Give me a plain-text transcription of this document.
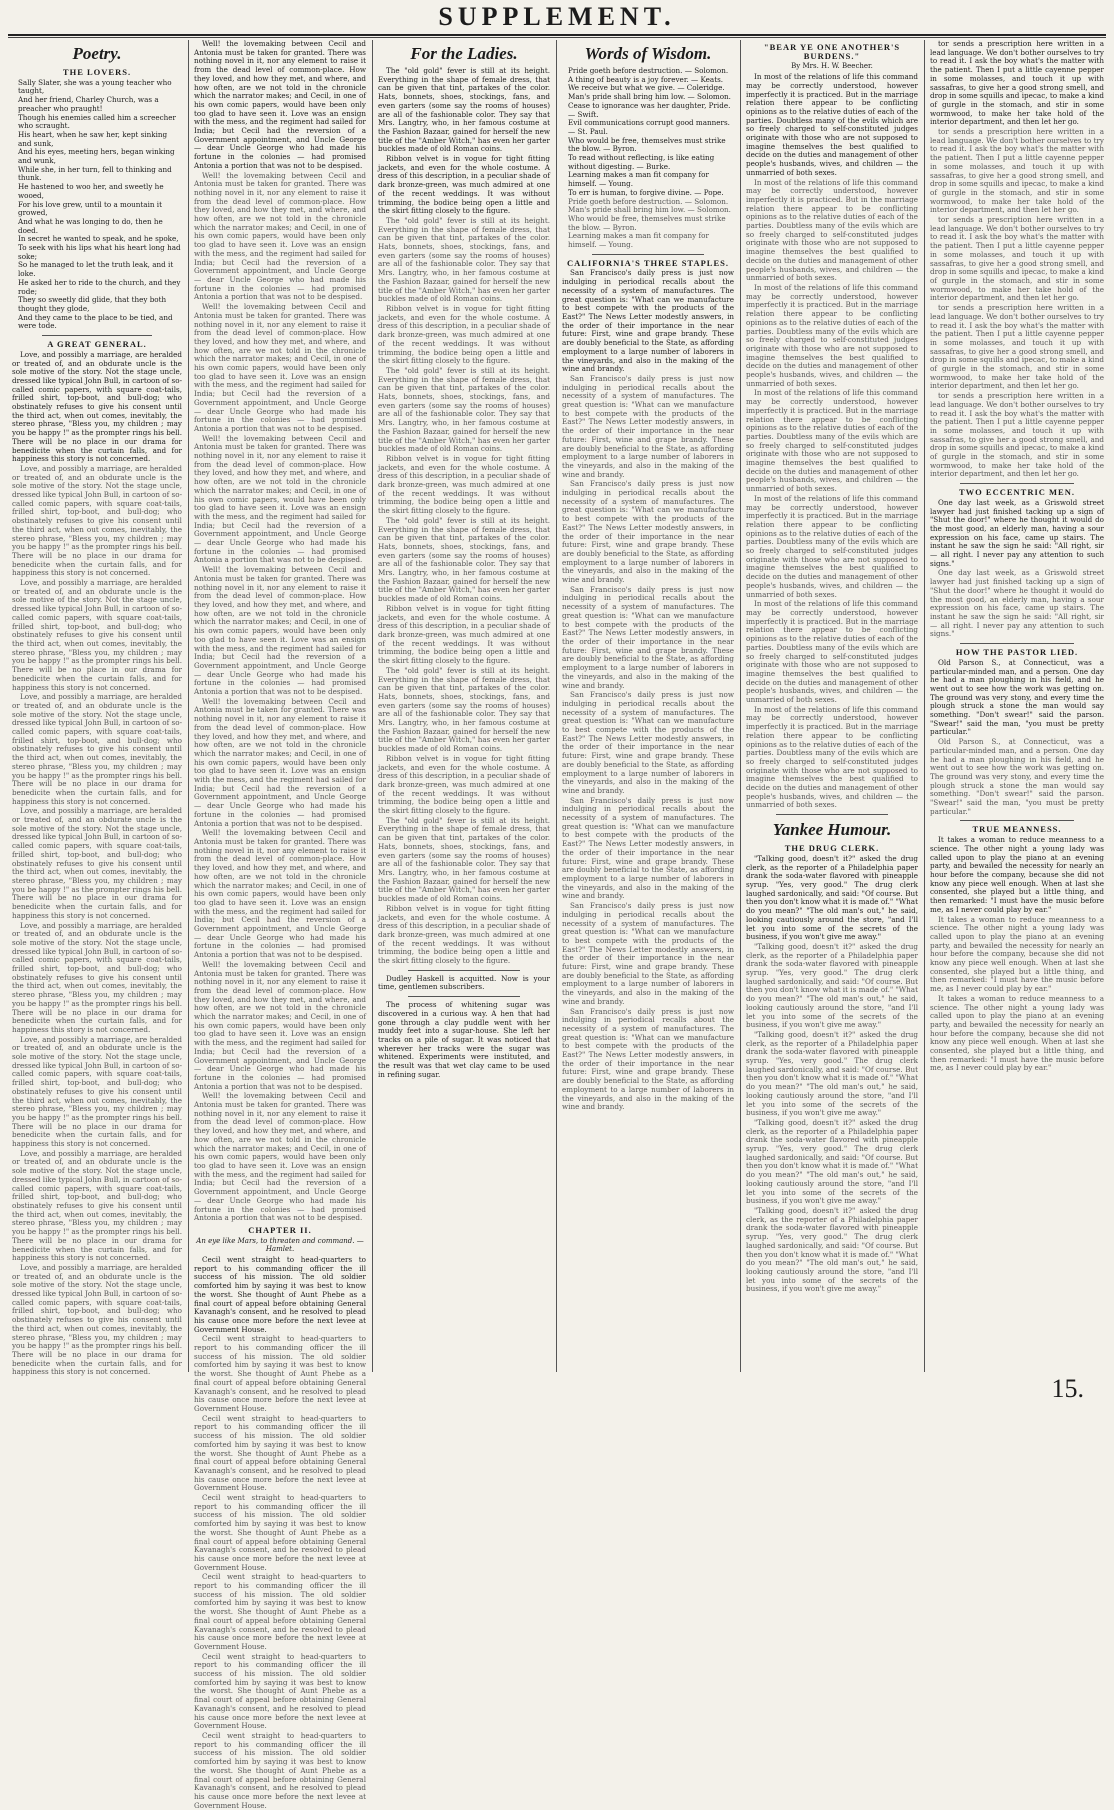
SUPPLEMENT.
Poetry.
THE LOVERS.

Sally Slater, she was a young teacher who taught,

And her friend, Charley Church, was a preacher who praught!

Though his enemies called him a screecher who scraught.

His heart, when he saw her, kept sinking and sunk,

And his eyes, meeting hers, began winking and wunk,

While she, in her turn, fell to thinking and thunk.

He hastened to woo her, and sweetly he wooed,

For his love grew, until to a mountain it growed,

And what he was longing to do, then he doed.

In secret he wanted to speak, and he spoke,

To seek with his lips what his heart long had soke;

So he managed to let the truth leak, and it loke.

He asked her to ride to the church, and they rode;

They so sweetly did glide, that they both thought they glode,

And they came to the place to be tied, and were tode.

A GREAT GENERAL.

Love, and possibly a marriage, are heralded or treated of, and an obdurate uncle is the sole motive of the story. Not the stage uncle, dressed like typical John Bull, in cartoon of so-called comic papers, with square coat-tails, frilled shirt, top-boot, and bull-dog; who obstinately refuses to give his consent until the third act, when out comes, inevitably, the stereo phrase, "Bless you, my children ; may you be happy !" as the prompter rings his bell. There will be no place in our drama for benedicite when the curtain falls, and for happiness this story is not concerned.

Love, and possibly a marriage, are heralded or treated of, and an obdurate uncle is the sole motive of the story. Not the stage uncle, dressed like typical John Bull, in cartoon of so-called comic papers, with square coat-tails, frilled shirt, top-boot, and bull-dog; who obstinately refuses to give his consent until the third act, when out comes, inevitably, the stereo phrase, "Bless you, my children ; may you be happy !" as the prompter rings his bell. There will be no place in our drama for benedicite when the curtain falls, and for happiness this story is not concerned.

Love, and possibly a marriage, are heralded or treated of, and an obdurate uncle is the sole motive of the story. Not the stage uncle, dressed like typical John Bull, in cartoon of so-called comic papers, with square coat-tails, frilled shirt, top-boot, and bull-dog; who obstinately refuses to give his consent until the third act, when out comes, inevitably, the stereo phrase, "Bless you, my children ; may you be happy !" as the prompter rings his bell. There will be no place in our drama for benedicite when the curtain falls, and for happiness this story is not concerned.

Love, and possibly a marriage, are heralded or treated of, and an obdurate uncle is the sole motive of the story. Not the stage uncle, dressed like typical John Bull, in cartoon of so-called comic papers, with square coat-tails, frilled shirt, top-boot, and bull-dog; who obstinately refuses to give his consent until the third act, when out comes, inevitably, the stereo phrase, "Bless you, my children ; may you be happy !" as the prompter rings his bell. There will be no place in our drama for benedicite when the curtain falls, and for happiness this story is not concerned.

Love, and possibly a marriage, are heralded or treated of, and an obdurate uncle is the sole motive of the story. Not the stage uncle, dressed like typical John Bull, in cartoon of so-called comic papers, with square coat-tails, frilled shirt, top-boot, and bull-dog; who obstinately refuses to give his consent until the third act, when out comes, inevitably, the stereo phrase, "Bless you, my children ; may you be happy !" as the prompter rings his bell. There will be no place in our drama for benedicite when the curtain falls, and for happiness this story is not concerned.

Love, and possibly a marriage, are heralded or treated of, and an obdurate uncle is the sole motive of the story. Not the stage uncle, dressed like typical John Bull, in cartoon of so-called comic papers, with square coat-tails, frilled shirt, top-boot, and bull-dog; who obstinately refuses to give his consent until the third act, when out comes, inevitably, the stereo phrase, "Bless you, my children ; may you be happy !" as the prompter rings his bell. There will be no place in our drama for benedicite when the curtain falls, and for happiness this story is not concerned.

Love, and possibly a marriage, are heralded or treated of, and an obdurate uncle is the sole motive of the story. Not the stage uncle, dressed like typical John Bull, in cartoon of so-called comic papers, with square coat-tails, frilled shirt, top-boot, and bull-dog; who obstinately refuses to give his consent until the third act, when out comes, inevitably, the stereo phrase, "Bless you, my children ; may you be happy !" as the prompter rings his bell. There will be no place in our drama for benedicite when the curtain falls, and for happiness this story is not concerned.

Love, and possibly a marriage, are heralded or treated of, and an obdurate uncle is the sole motive of the story. Not the stage uncle, dressed like typical John Bull, in cartoon of so-called comic papers, with square coat-tails, frilled shirt, top-boot, and bull-dog; who obstinately refuses to give his consent until the third act, when out comes, inevitably, the stereo phrase, "Bless you, my children ; may you be happy !" as the prompter rings his bell. There will be no place in our drama for benedicite when the curtain falls, and for happiness this story is not concerned.

Love, and possibly a marriage, are heralded or treated of, and an obdurate uncle is the sole motive of the story. Not the stage uncle, dressed like typical John Bull, in cartoon of so-called comic papers, with square coat-tails, frilled shirt, top-boot, and bull-dog; who obstinately refuses to give his consent until the third act, when out comes, inevitably, the stereo phrase, "Bless you, my children ; may you be happy !" as the prompter rings his bell. There will be no place in our drama for benedicite when the curtain falls, and for happiness this story is not concerned.

Well! the lovemaking between Cecil and Antonia must be taken for granted. There was nothing novel in it, nor any element to raise it from the dead level of common-place. How they loved, and how they met, and where, and how often, are we not told in the chronicle which the narrator makes; and Cecil, in one of his own comic papers, would have been only too glad to have seen it. Love was an ensign with the mess, and the regiment had sailed for India; but Cecil had the reversion of a Government appointment, and Uncle George — dear Uncle George who had made his fortune in the colonies — had promised Antonia a portion that was not to be despised.

Well! the lovemaking between Cecil and Antonia must be taken for granted. There was nothing novel in it, nor any element to raise it from the dead level of common-place. How they loved, and how they met, and where, and how often, are we not told in the chronicle which the narrator makes; and Cecil, in one of his own comic papers, would have been only too glad to have seen it. Love was an ensign with the mess, and the regiment had sailed for India; but Cecil had the reversion of a Government appointment, and Uncle George — dear Uncle George who had made his fortune in the colonies — had promised Antonia a portion that was not to be despised.

Well! the lovemaking between Cecil and Antonia must be taken for granted. There was nothing novel in it, nor any element to raise it from the dead level of common-place. How they loved, and how they met, and where, and how often, are we not told in the chronicle which the narrator makes; and Cecil, in one of his own comic papers, would have been only too glad to have seen it. Love was an ensign with the mess, and the regiment had sailed for India; but Cecil had the reversion of a Government appointment, and Uncle George — dear Uncle George who had made his fortune in the colonies — had promised Antonia a portion that was not to be despised.

Well! the lovemaking between Cecil and Antonia must be taken for granted. There was nothing novel in it, nor any element to raise it from the dead level of common-place. How they loved, and how they met, and where, and how often, are we not told in the chronicle which the narrator makes; and Cecil, in one of his own comic papers, would have been only too glad to have seen it. Love was an ensign with the mess, and the regiment had sailed for India; but Cecil had the reversion of a Government appointment, and Uncle George — dear Uncle George who had made his fortune in the colonies — had promised Antonia a portion that was not to be despised.

Well! the lovemaking between Cecil and Antonia must be taken for granted. There was nothing novel in it, nor any element to raise it from the dead level of common-place. How they loved, and how they met, and where, and how often, are we not told in the chronicle which the narrator makes; and Cecil, in one of his own comic papers, would have been only too glad to have seen it. Love was an ensign with the mess, and the regiment had sailed for India; but Cecil had the reversion of a Government appointment, and Uncle George — dear Uncle George who had made his fortune in the colonies — had promised Antonia a portion that was not to be despised.

Well! the lovemaking between Cecil and Antonia must be taken for granted. There was nothing novel in it, nor any element to raise it from the dead level of common-place. How they loved, and how they met, and where, and how often, are we not told in the chronicle which the narrator makes; and Cecil, in one of his own comic papers, would have been only too glad to have seen it. Love was an ensign with the mess, and the regiment had sailed for India; but Cecil had the reversion of a Government appointment, and Uncle George — dear Uncle George who had made his fortune in the colonies — had promised Antonia a portion that was not to be despised.

Well! the lovemaking between Cecil and Antonia must be taken for granted. There was nothing novel in it, nor any element to raise it from the dead level of common-place. How they loved, and how they met, and where, and how often, are we not told in the chronicle which the narrator makes; and Cecil, in one of his own comic papers, would have been only too glad to have seen it. Love was an ensign with the mess, and the regiment had sailed for India; but Cecil had the reversion of a Government appointment, and Uncle George — dear Uncle George who had made his fortune in the colonies — had promised Antonia a portion that was not to be despised.

Well! the lovemaking between Cecil and Antonia must be taken for granted. There was nothing novel in it, nor any element to raise it from the dead level of common-place. How they loved, and how they met, and where, and how often, are we not told in the chronicle which the narrator makes; and Cecil, in one of his own comic papers, would have been only too glad to have seen it. Love was an ensign with the mess, and the regiment had sailed for India; but Cecil had the reversion of a Government appointment, and Uncle George — dear Uncle George who had made his fortune in the colonies — had promised Antonia a portion that was not to be despised.

Well! the lovemaking between Cecil and Antonia must be taken for granted. There was nothing novel in it, nor any element to raise it from the dead level of common-place. How they loved, and how they met, and where, and how often, are we not told in the chronicle which the narrator makes; and Cecil, in one of his own comic papers, would have been only too glad to have seen it. Love was an ensign with the mess, and the regiment had sailed for India; but Cecil had the reversion of a Government appointment, and Uncle George — dear Uncle George who had made his fortune in the colonies — had promised Antonia a portion that was not to be despised.

CHAPTER II.
An eye like Mars, to threaten and command. — Hamlet.

Cecil went straight to head-quarters to report to his commanding officer the ill success of his mission. The old soldier comforted him by saying it was best to know the worst. She thought of Aunt Phebe as a final court of appeal before obtaining General Kavanagh's consent, and he resolved to plead his cause once more before the next levee at Government House.

Cecil went straight to head-quarters to report to his commanding officer the ill success of his mission. The old soldier comforted him by saying it was best to know the worst. She thought of Aunt Phebe as a final court of appeal before obtaining General Kavanagh's consent, and he resolved to plead his cause once more before the next levee at Government House.

Cecil went straight to head-quarters to report to his commanding officer the ill success of his mission. The old soldier comforted him by saying it was best to know the worst. She thought of Aunt Phebe as a final court of appeal before obtaining General Kavanagh's consent, and he resolved to plead his cause once more before the next levee at Government House.

Cecil went straight to head-quarters to report to his commanding officer the ill success of his mission. The old soldier comforted him by saying it was best to know the worst. She thought of Aunt Phebe as a final court of appeal before obtaining General Kavanagh's consent, and he resolved to plead his cause once more before the next levee at Government House.

Cecil went straight to head-quarters to report to his commanding officer the ill success of his mission. The old soldier comforted him by saying it was best to know the worst. She thought of Aunt Phebe as a final court of appeal before obtaining General Kavanagh's consent, and he resolved to plead his cause once more before the next levee at Government House.

Cecil went straight to head-quarters to report to his commanding officer the ill success of his mission. The old soldier comforted him by saying it was best to know the worst. She thought of Aunt Phebe as a final court of appeal before obtaining General Kavanagh's consent, and he resolved to plead his cause once more before the next levee at Government House.

Cecil went straight to head-quarters to report to his commanding officer the ill success of his mission. The old soldier comforted him by saying it was best to know the worst. She thought of Aunt Phebe as a final court of appeal before obtaining General Kavanagh's consent, and he resolved to plead his cause once more before the next levee at Government House.

For the Ladies.

The "old gold" fever is still at its height. Everything in the shape of female dress, that can be given that tint, partakes of the color. Hats, bonnets, shoes, stockings, fans, and even garters (some say the rooms of houses) are all of the fashionable color. They say that Mrs. Langtry, who, in her famous costume at the Fashion Bazaar, gained for herself the new title of the "Amber Witch," has even her garter buckles made of old Roman coins.

Ribbon velvet is in vogue for tight fitting jackets, and even for the whole costume. A dress of this description, in a peculiar shade of dark bronze-green, was much admired at one of the recent weddings. It was without trimming, the bodice being open a little and the skirt fitting closely to the figure.

The "old gold" fever is still at its height. Everything in the shape of female dress, that can be given that tint, partakes of the color. Hats, bonnets, shoes, stockings, fans, and even garters (some say the rooms of houses) are all of the fashionable color. They say that Mrs. Langtry, who, in her famous costume at the Fashion Bazaar, gained for herself the new title of the "Amber Witch," has even her garter buckles made of old Roman coins.

Ribbon velvet is in vogue for tight fitting jackets, and even for the whole costume. A dress of this description, in a peculiar shade of dark bronze-green, was much admired at one of the recent weddings. It was without trimming, the bodice being open a little and the skirt fitting closely to the figure.

The "old gold" fever is still at its height. Everything in the shape of female dress, that can be given that tint, partakes of the color. Hats, bonnets, shoes, stockings, fans, and even garters (some say the rooms of houses) are all of the fashionable color. They say that Mrs. Langtry, who, in her famous costume at the Fashion Bazaar, gained for herself the new title of the "Amber Witch," has even her garter buckles made of old Roman coins.

Ribbon velvet is in vogue for tight fitting jackets, and even for the whole costume. A dress of this description, in a peculiar shade of dark bronze-green, was much admired at one of the recent weddings. It was without trimming, the bodice being open a little and the skirt fitting closely to the figure.

The "old gold" fever is still at its height. Everything in the shape of female dress, that can be given that tint, partakes of the color. Hats, bonnets, shoes, stockings, fans, and even garters (some say the rooms of houses) are all of the fashionable color. They say that Mrs. Langtry, who, in her famous costume at the Fashion Bazaar, gained for herself the new title of the "Amber Witch," has even her garter buckles made of old Roman coins.

Ribbon velvet is in vogue for tight fitting jackets, and even for the whole costume. A dress of this description, in a peculiar shade of dark bronze-green, was much admired at one of the recent weddings. It was without trimming, the bodice being open a little and the skirt fitting closely to the figure.

The "old gold" fever is still at its height. Everything in the shape of female dress, that can be given that tint, partakes of the color. Hats, bonnets, shoes, stockings, fans, and even garters (some say the rooms of houses) are all of the fashionable color. They say that Mrs. Langtry, who, in her famous costume at the Fashion Bazaar, gained for herself the new title of the "Amber Witch," has even her garter buckles made of old Roman coins.

Ribbon velvet is in vogue for tight fitting jackets, and even for the whole costume. A dress of this description, in a peculiar shade of dark bronze-green, was much admired at one of the recent weddings. It was without trimming, the bodice being open a little and the skirt fitting closely to the figure.

The "old gold" fever is still at its height. Everything in the shape of female dress, that can be given that tint, partakes of the color. Hats, bonnets, shoes, stockings, fans, and even garters (some say the rooms of houses) are all of the fashionable color. They say that Mrs. Langtry, who, in her famous costume at the Fashion Bazaar, gained for herself the new title of the "Amber Witch," has even her garter buckles made of old Roman coins.

Ribbon velvet is in vogue for tight fitting jackets, and even for the whole costume. A dress of this description, in a peculiar shade of dark bronze-green, was much admired at one of the recent weddings. It was without trimming, the bodice being open a little and the skirt fitting closely to the figure.

Dudley Haskell is acquitted. Now is your time, gentlemen subscribers.

The process of whitening sugar was discovered in a curious way. A hen that had gone through a clay puddle went with her muddy feet into a sugar-house. She left her tracks on a pile of sugar. It was noticed that wherever her tracks were the sugar was whitened. Experiments were instituted, and the result was that wet clay came to be used in refining sugar.

Words of Wisdom.

Pride goeth before destruction. — Solomon.

A thing of beauty is a joy forever. — Keats.

We receive but what we give. — Coleridge.

Man's pride shall bring him low. — Solomon.

Cease to ignorance was her daughter, Pride. — Swift.

Evil communications corrupt good manners. — St. Paul.

Who would be free, themselves must strike the blow. — Byron.

To read without reflecting, is like eating without digesting. — Burke.

Learning makes a man fit company for himself. — Young.

To err is human, to forgive divine. — Pope.

Pride goeth before destruction. — Solomon.

Man's pride shall bring him low. — Solomon.

Who would be free, themselves must strike the blow. — Byron.

Learning makes a man fit company for himself. — Young.

CALIFORNIA'S THREE STAPLES.

San Francisco's daily press is just now indulging in periodical recalls about the necessity of a system of manufactures. The great question is: "What can we manufacture to best compete with the products of the East?" The News Letter modestly answers, in the order of their importance in the near future: First, wine and grape brandy. These are doubly beneficial to the State, as affording employment to a large number of laborers in the vineyards, and also in the making of the wine and brandy.

San Francisco's daily press is just now indulging in periodical recalls about the necessity of a system of manufactures. The great question is: "What can we manufacture to best compete with the products of the East?" The News Letter modestly answers, in the order of their importance in the near future: First, wine and grape brandy. These are doubly beneficial to the State, as affording employment to a large number of laborers in the vineyards, and also in the making of the wine and brandy.

San Francisco's daily press is just now indulging in periodical recalls about the necessity of a system of manufactures. The great question is: "What can we manufacture to best compete with the products of the East?" The News Letter modestly answers, in the order of their importance in the near future: First, wine and grape brandy. These are doubly beneficial to the State, as affording employment to a large number of laborers in the vineyards, and also in the making of the wine and brandy.

San Francisco's daily press is just now indulging in periodical recalls about the necessity of a system of manufactures. The great question is: "What can we manufacture to best compete with the products of the East?" The News Letter modestly answers, in the order of their importance in the near future: First, wine and grape brandy. These are doubly beneficial to the State, as affording employment to a large number of laborers in the vineyards, and also in the making of the wine and brandy.

San Francisco's daily press is just now indulging in periodical recalls about the necessity of a system of manufactures. The great question is: "What can we manufacture to best compete with the products of the East?" The News Letter modestly answers, in the order of their importance in the near future: First, wine and grape brandy. These are doubly beneficial to the State, as affording employment to a large number of laborers in the vineyards, and also in the making of the wine and brandy.

San Francisco's daily press is just now indulging in periodical recalls about the necessity of a system of manufactures. The great question is: "What can we manufacture to best compete with the products of the East?" The News Letter modestly answers, in the order of their importance in the near future: First, wine and grape brandy. These are doubly beneficial to the State, as affording employment to a large number of laborers in the vineyards, and also in the making of the wine and brandy.

San Francisco's daily press is just now indulging in periodical recalls about the necessity of a system of manufactures. The great question is: "What can we manufacture to best compete with the products of the East?" The News Letter modestly answers, in the order of their importance in the near future: First, wine and grape brandy. These are doubly beneficial to the State, as affording employment to a large number of laborers in the vineyards, and also in the making of the wine and brandy.

San Francisco's daily press is just now indulging in periodical recalls about the necessity of a system of manufactures. The great question is: "What can we manufacture to best compete with the products of the East?" The News Letter modestly answers, in the order of their importance in the near future: First, wine and grape brandy. These are doubly beneficial to the State, as affording employment to a large number of laborers in the vineyards, and also in the making of the wine and brandy.

"BEAR YE ONE ANOTHER'S BURDENS."
By Mrs. H. W. Beecher.

In most of the relations of life this command may be correctly understood, however imperfectly it is practiced. But in the marriage relation there appear to be conflicting opinions as to the relative duties of each of the parties. Doubtless many of the evils which are so freely charged to self-constituted judges originate with those who are not supposed to imagine themselves the best qualified to decide on the duties and management of other people's husbands, wives, and children — the unmarried of both sexes.

In most of the relations of life this command may be correctly understood, however imperfectly it is practiced. But in the marriage relation there appear to be conflicting opinions as to the relative duties of each of the parties. Doubtless many of the evils which are so freely charged to self-constituted judges originate with those who are not supposed to imagine themselves the best qualified to decide on the duties and management of other people's husbands, wives, and children — the unmarried of both sexes.

In most of the relations of life this command may be correctly understood, however imperfectly it is practiced. But in the marriage relation there appear to be conflicting opinions as to the relative duties of each of the parties. Doubtless many of the evils which are so freely charged to self-constituted judges originate with those who are not supposed to imagine themselves the best qualified to decide on the duties and management of other people's husbands, wives, and children — the unmarried of both sexes.

In most of the relations of life this command may be correctly understood, however imperfectly it is practiced. But in the marriage relation there appear to be conflicting opinions as to the relative duties of each of the parties. Doubtless many of the evils which are so freely charged to self-constituted judges originate with those who are not supposed to imagine themselves the best qualified to decide on the duties and management of other people's husbands, wives, and children — the unmarried of both sexes.

In most of the relations of life this command may be correctly understood, however imperfectly it is practiced. But in the marriage relation there appear to be conflicting opinions as to the relative duties of each of the parties. Doubtless many of the evils which are so freely charged to self-constituted judges originate with those who are not supposed to imagine themselves the best qualified to decide on the duties and management of other people's husbands, wives, and children — the unmarried of both sexes.

In most of the relations of life this command may be correctly understood, however imperfectly it is practiced. But in the marriage relation there appear to be conflicting opinions as to the relative duties of each of the parties. Doubtless many of the evils which are so freely charged to self-constituted judges originate with those who are not supposed to imagine themselves the best qualified to decide on the duties and management of other people's husbands, wives, and children — the unmarried of both sexes.

In most of the relations of life this command may be correctly understood, however imperfectly it is practiced. But in the marriage relation there appear to be conflicting opinions as to the relative duties of each of the parties. Doubtless many of the evils which are so freely charged to self-constituted judges originate with those who are not supposed to imagine themselves the best qualified to decide on the duties and management of other people's husbands, wives, and children — the unmarried of both sexes.

Yankee Humour.
THE DRUG CLERK.

"Talking good, doesn't it?" asked the drug clerk, as the reporter of a Philadelphia paper drank the soda-water flavored with pineapple syrup. "Yes, very good." The drug clerk laughed sardonically, and said: "Of course. But then you don't know what it is made of." "What do you mean?" "The old man's out," he said, looking cautiously around the store, "and I'll let you into some of the secrets of the business, if you won't give me away."

"Talking good, doesn't it?" asked the drug clerk, as the reporter of a Philadelphia paper drank the soda-water flavored with pineapple syrup. "Yes, very good." The drug clerk laughed sardonically, and said: "Of course. But then you don't know what it is made of." "What do you mean?" "The old man's out," he said, looking cautiously around the store, "and I'll let you into some of the secrets of the business, if you won't give me away."

"Talking good, doesn't it?" asked the drug clerk, as the reporter of a Philadelphia paper drank the soda-water flavored with pineapple syrup. "Yes, very good." The drug clerk laughed sardonically, and said: "Of course. But then you don't know what it is made of." "What do you mean?" "The old man's out," he said, looking cautiously around the store, "and I'll let you into some of the secrets of the business, if you won't give me away."

"Talking good, doesn't it?" asked the drug clerk, as the reporter of a Philadelphia paper drank the soda-water flavored with pineapple syrup. "Yes, very good." The drug clerk laughed sardonically, and said: "Of course. But then you don't know what it is made of." "What do you mean?" "The old man's out," he said, looking cautiously around the store, "and I'll let you into some of the secrets of the business, if you won't give me away."

"Talking good, doesn't it?" asked the drug clerk, as the reporter of a Philadelphia paper drank the soda-water flavored with pineapple syrup. "Yes, very good." The drug clerk laughed sardonically, and said: "Of course. But then you don't know what it is made of." "What do you mean?" "The old man's out," he said, looking cautiously around the store, "and I'll let you into some of the secrets of the business, if you won't give me away."

tor sends a prescription here written in a lead language. We don't bother ourselves to try to read it. I ask the boy what's the matter with the patient. Then I put a little cayenne pepper in some molasses, and touch it up with sassafras, to give her a good strong smell, and drop in some squills and ipecac, to make a kind of gurgle in the stomach, and stir in some wormwood, to make her take hold of the interior department, and then let her go.

tor sends a prescription here written in a lead language. We don't bother ourselves to try to read it. I ask the boy what's the matter with the patient. Then I put a little cayenne pepper in some molasses, and touch it up with sassafras, to give her a good strong smell, and drop in some squills and ipecac, to make a kind of gurgle in the stomach, and stir in some wormwood, to make her take hold of the interior department, and then let her go.

tor sends a prescription here written in a lead language. We don't bother ourselves to try to read it. I ask the boy what's the matter with the patient. Then I put a little cayenne pepper in some molasses, and touch it up with sassafras, to give her a good strong smell, and drop in some squills and ipecac, to make a kind of gurgle in the stomach, and stir in some wormwood, to make her take hold of the interior department, and then let her go.

tor sends a prescription here written in a lead language. We don't bother ourselves to try to read it. I ask the boy what's the matter with the patient. Then I put a little cayenne pepper in some molasses, and touch it up with sassafras, to give her a good strong smell, and drop in some squills and ipecac, to make a kind of gurgle in the stomach, and stir in some wormwood, to make her take hold of the interior department, and then let her go.

tor sends a prescription here written in a lead language. We don't bother ourselves to try to read it. I ask the boy what's the matter with the patient. Then I put a little cayenne pepper in some molasses, and touch it up with sassafras, to give her a good strong smell, and drop in some squills and ipecac, to make a kind of gurgle in the stomach, and stir in some wormwood, to make her take hold of the interior department, and then let her go.

TWO ECCENTRIC MEN.

One day last week, as a Griswold street lawyer had just finished tacking up a sign of "Shut the door!" where he thought it would do the most good, an elderly man, having a sour expression on his face, came up stairs. The instant he saw the sign he said: "All right, sir — all right. I never pay any attention to such signs."

One day last week, as a Griswold street lawyer had just finished tacking up a sign of "Shut the door!" where he thought it would do the most good, an elderly man, having a sour expression on his face, came up stairs. The instant he saw the sign he said: "All right, sir — all right. I never pay any attention to such signs."

HOW THE PASTOR LIED.

Old Parson S., at Connecticut, was a particular-minded man, and a person. One day he had a man ploughing in his field, and he went out to see how the work was getting on. The ground was very stony, and every time the plough struck a stone the man would say something. "Don't swear!" said the parson. "Swear!" said the man, "you must be pretty particular."

Old Parson S., at Connecticut, was a particular-minded man, and a person. One day he had a man ploughing in his field, and he went out to see how the work was getting on. The ground was very stony, and every time the plough struck a stone the man would say something. "Don't swear!" said the parson. "Swear!" said the man, "you must be pretty particular."

TRUE MEANNESS.

It takes a woman to reduce meanness to a science. The other night a young lady was called upon to play the piano at an evening party, and bewailed the necessity for nearly an hour before the company, because she did not know any piece well enough. When at last she consented, she played but a little thing, and then remarked: "I must have the music before me, as I never could play by ear."

It takes a woman to reduce meanness to a science. The other night a young lady was called upon to play the piano at an evening party, and bewailed the necessity for nearly an hour before the company, because she did not know any piece well enough. When at last she consented, she played but a little thing, and then remarked: "I must have the music before me, as I never could play by ear."

It takes a woman to reduce meanness to a science. The other night a young lady was called upon to play the piano at an evening party, and bewailed the necessity for nearly an hour before the company, because she did not know any piece well enough. When at last she consented, she played but a little thing, and then remarked: "I must have the music before me, as I never could play by ear."

15.
